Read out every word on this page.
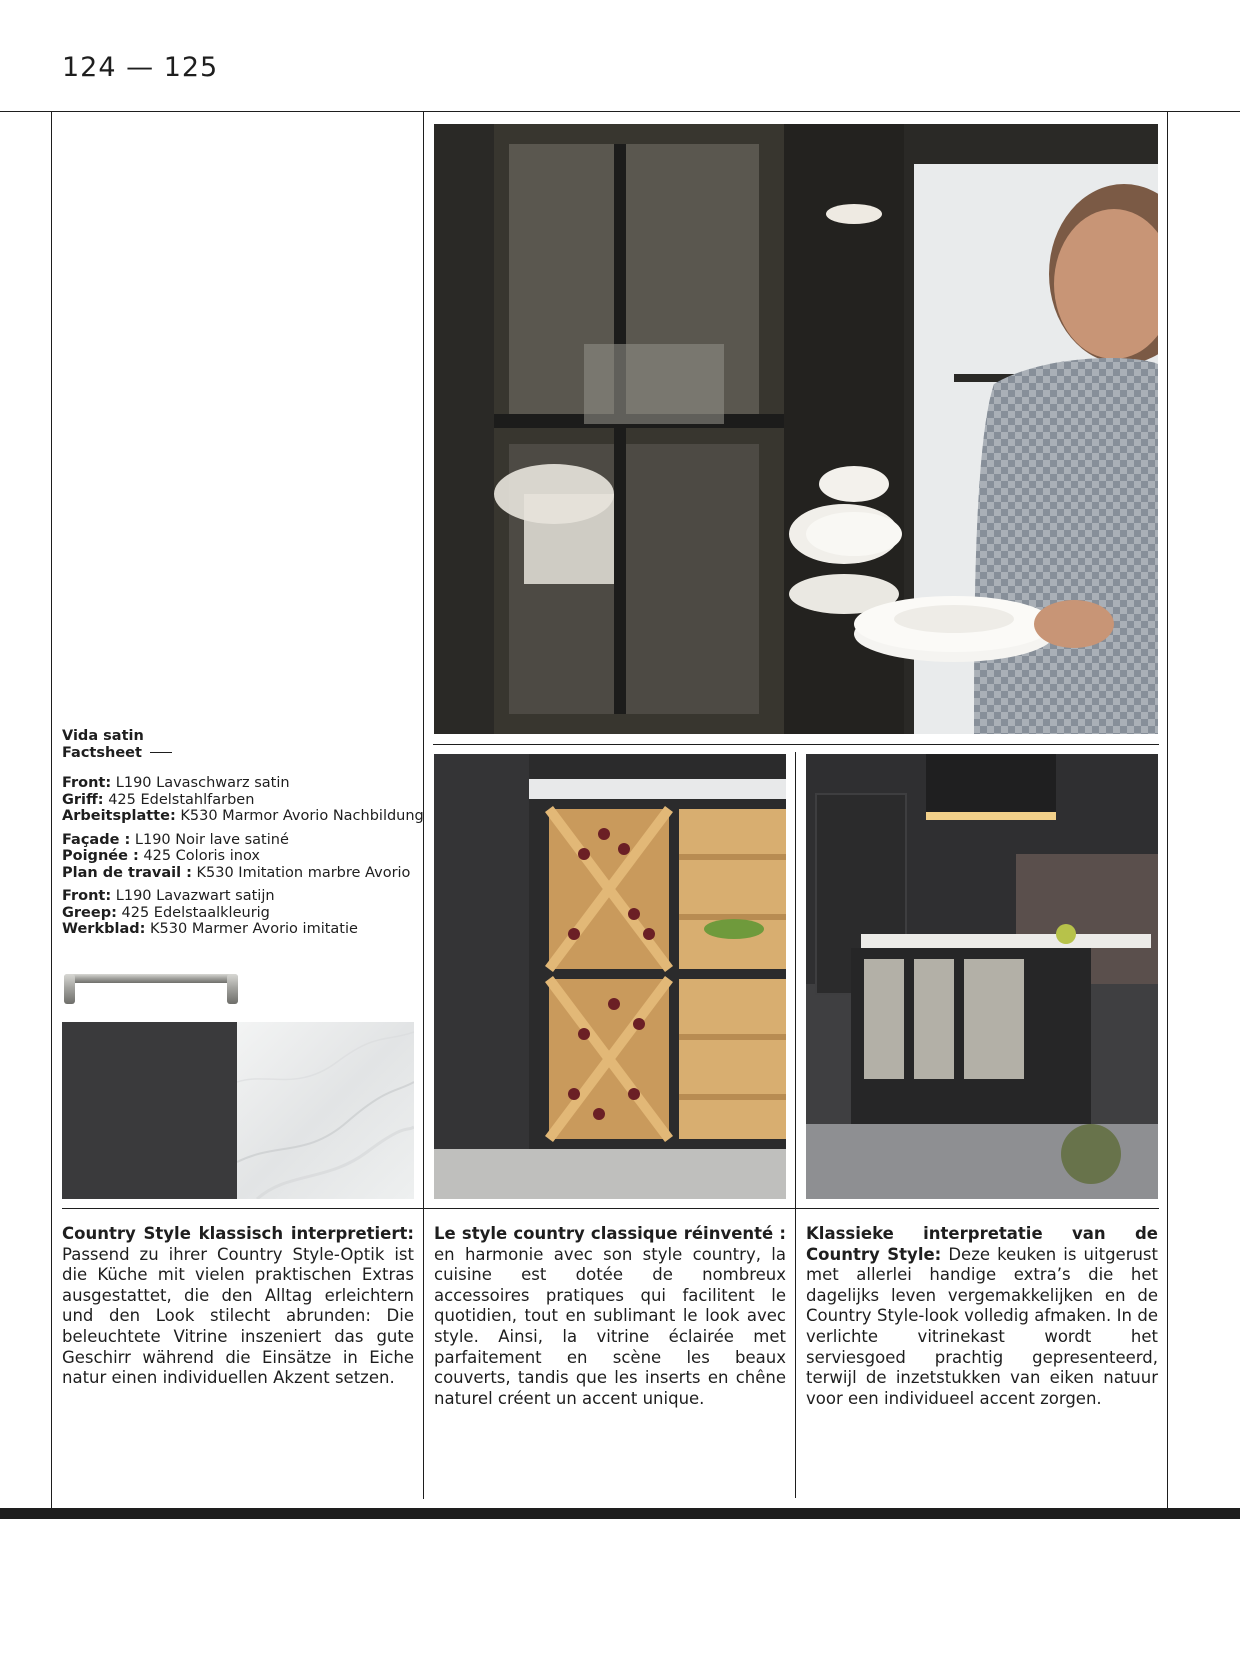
124 — 125
Vida satin
Factsheet
Front: L190 Lavaschwarz satin
Griff: 425 Edelstahlfarben
Arbeitsplatte: K530 Marmor Avorio Nachbildung
Façade : L190 Noir lave satiné
Poignée : 425 Coloris inox
Plan de travail : K530 Imitation marbre Avorio
Front: L190 Lavazwart satijn
Greep: 425 Edelstaalkleurig
Werkblad: K530 Marmer Avorio imitatie
Country Style klassisch interpretiert: Passend zu ihrer Country Style-Optik ist die Küche mit vielen praktischen Extras ausgestattet, die den Alltag erleichtern und den Look stilecht abrunden: Die beleuchtete Vitrine inszeniert das gute Geschirr während die Einsätze in Eiche natur einen individuellen Akzent setzen.
Le style country classique réinventé : en harmonie avec son style country, la cuisine est dotée de nombreux accessoires pratiques qui facilitent le quotidien, tout en sublimant le look avec style. Ainsi, la vitrine éclairée met parfaitement en scène les beaux couverts, tandis que les inserts en chêne naturel créent un accent unique.
Klassieke interpretatie van de Country Style: Deze keuken is uitgerust met allerlei handige extra’s die het dagelijks leven vergemakkelijken en de Country Style-look volledig afmaken. In de verlichte vitrinekast wordt het serviesgoed prachtig gepresenteerd, terwijl de inzetstukken van eiken natuur voor een individueel accent zorgen.
